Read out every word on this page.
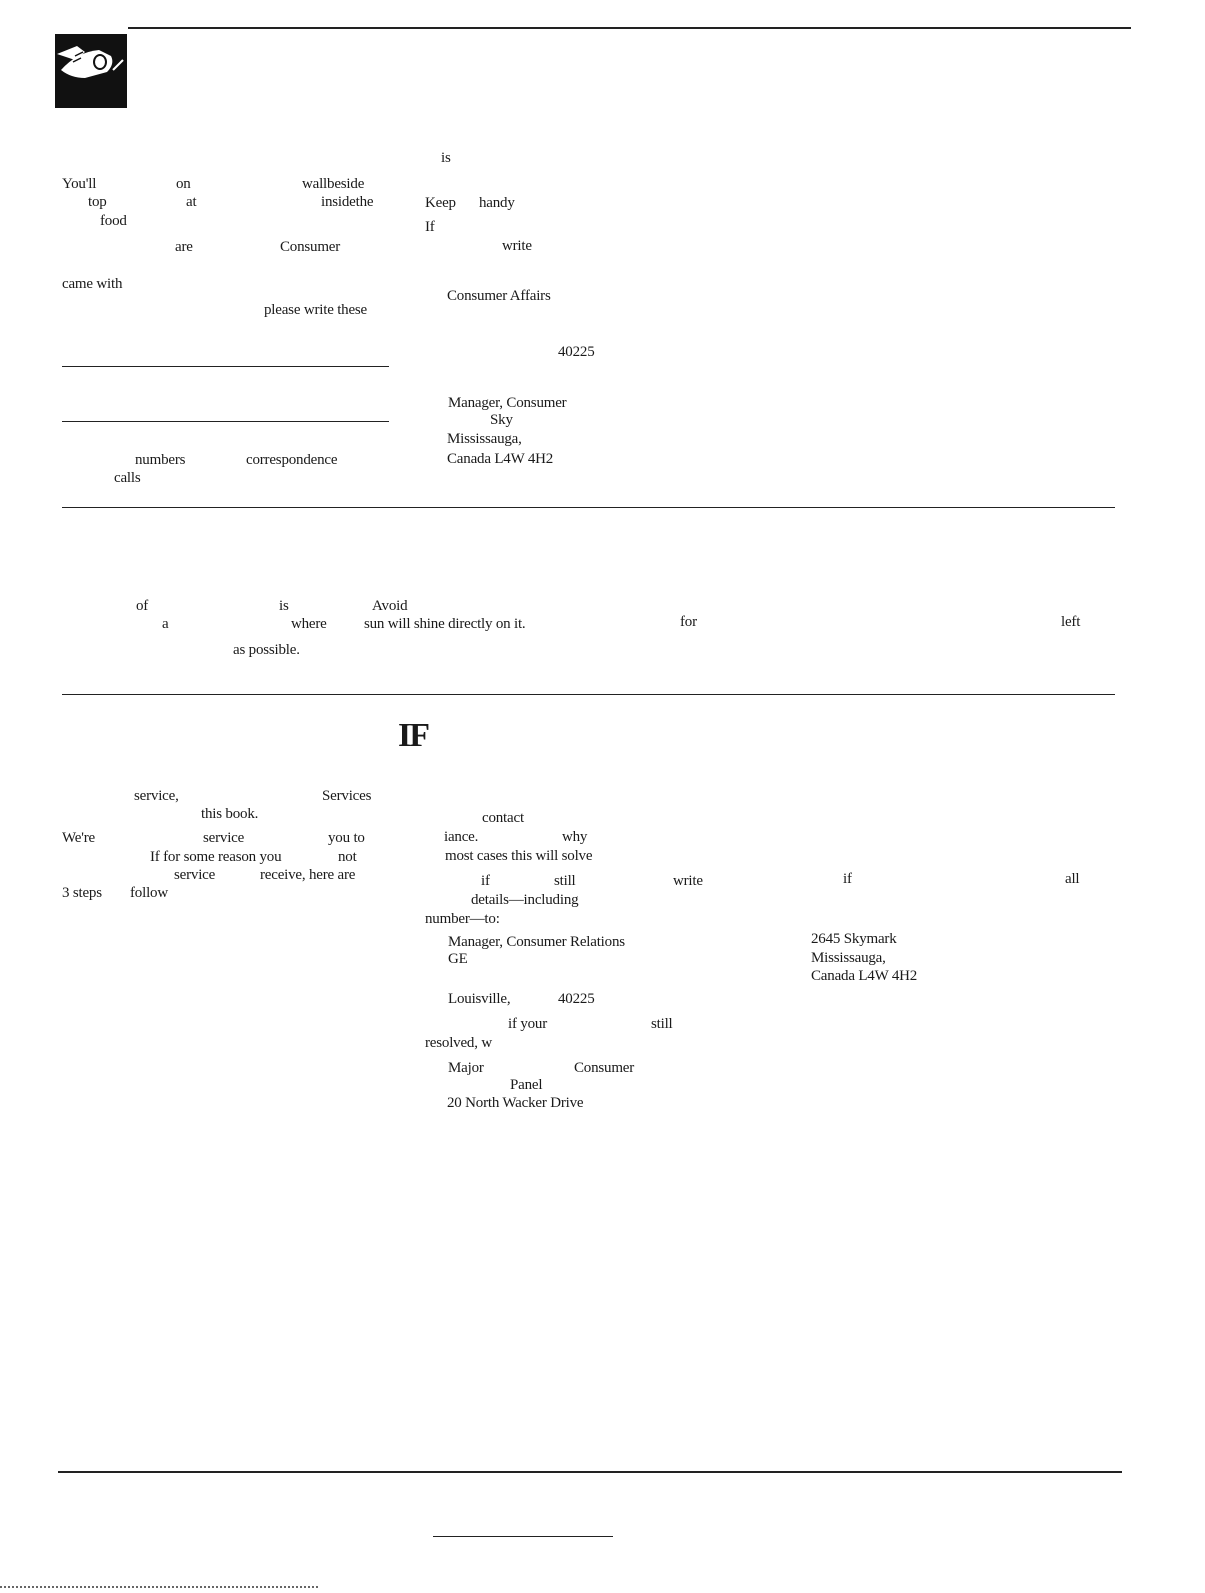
You'll	on	wallbeside
top	at	insidethe
food
are	Consumer
came with
please write these
numbers	correspondence
calls
is
Keep handy
If
write
Consumer Affairs
40225
Manager, Consumer
Sky
Mississauga,
Canada L4W 4H2
of	is	Avoid
a	where sun will shine directly on it.	for	left
as possible.
IF
service,	Services
this book.
We're	service	you to
If for some reason you	not
service	receive, here are
3 steps follow
contact
iance.	why
most cases this will solve
if	still	write	if	all
details—including
number—to:
Manager, Consumer Relations	2645 Skymark
GE	Mississauga,
Canada L4W 4H2
Louisville,	40225
if your	still
resolved, w
Major	Consumer
Panel
20 North Wacker Drive
